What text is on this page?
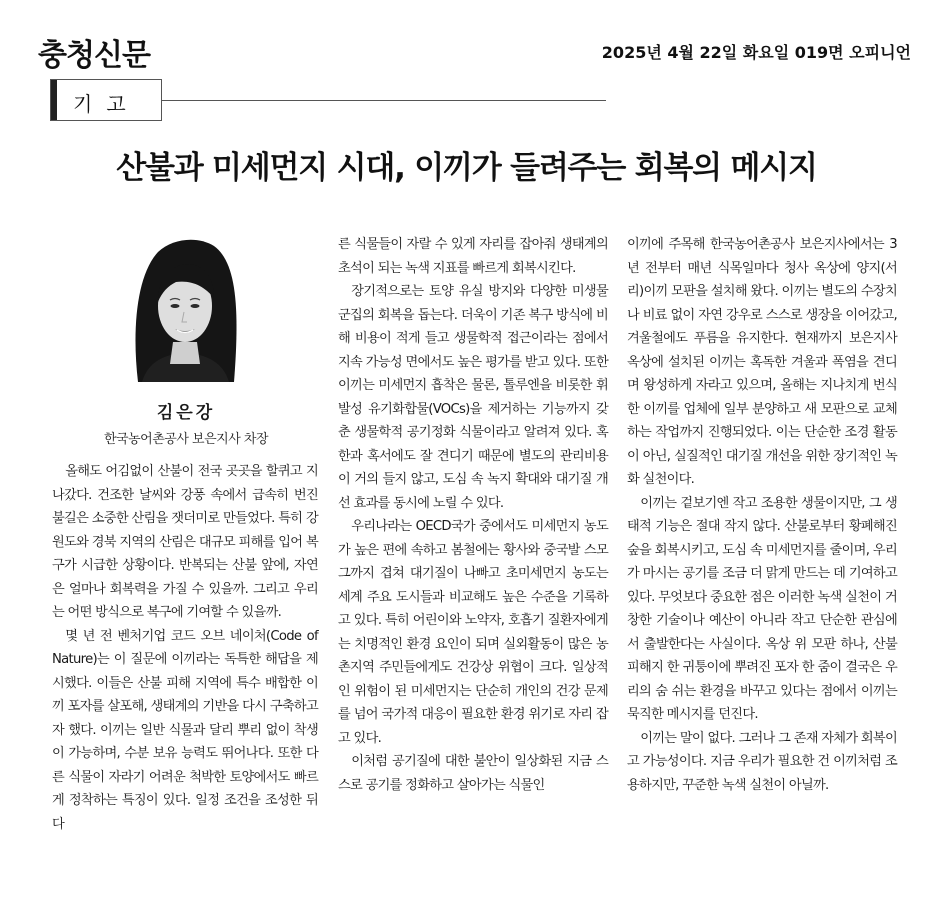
충청신문	2025년 4월 22일 화요일 019면 오피니언
기고
산불과 미세먼지 시대, 이끼가 들려주는 회복의 메시지
김은강
한국농어촌공사 보은지사 차장

올해도 어김없이 산불이 전국 곳곳을 할퀴고 지나갔다. 건조한 날씨와 강풍 속에서 급속히 번진 불길은 소중한 산림을 잿더미로 만들었다. 특히 강원도와 경북 지역의 산림은 대규모 피해를 입어 복구가 시급한 상황이다. 반복되는 산불 앞에, 자연은 얼마나 회복력을 가질 수 있을까. 그리고 우리는 어떤 방식으로 복구에 기여할 수 있을까.

몇 년 전 벤처기업 코드 오브 네이처(Code of Nature)는 이 질문에 이끼라는 독특한 해답을 제시했다. 이들은 산불 피해 지역에 특수 배합한 이끼 포자를 살포해, 생태계의 기반을 다시 구축하고자 했다. 이끼는 일반 식물과 달리 뿌리 없이 착생이 가능하며, 수분 보유 능력도 뛰어나다. 또한 다른 식물이 자라기 어려운 척박한 토양에서도 빠르게 정착하는 특징이 있다. 일정 조건을 조성한 뒤 다

른 식물들이 자랄 수 있게 자리를 잡아줘 생태계의 초석이 되는 녹색 지표를 빠르게 회복시킨다.

장기적으로는 토양 유실 방지와 다양한 미생물 군집의 회복을 돕는다. 더욱이 기존 복구 방식에 비해 비용이 적게 들고 생물학적 접근이라는 점에서 지속 가능성 면에서도 높은 평가를 받고 있다. 또한 이끼는 미세먼지 흡착은 물론, 톨루엔을 비롯한 휘발성 유기화합물(VOCs)을 제거하는 기능까지 갖춘 생물학적 공기정화 식물이라고 알려져 있다. 혹한과 혹서에도 잘 견디기 때문에 별도의 관리비용이 거의 들지 않고, 도심 속 녹지 확대와 대기질 개선 효과를 동시에 노릴 수 있다.

우리나라는 OECD국가 중에서도 미세먼지 농도가 높은 편에 속하고 봄철에는 황사와 중국발 스모그까지 겹쳐 대기질이 나빠고 초미세먼지 농도는 세계 주요 도시들과 비교해도 높은 수준을 기록하고 있다. 특히 어린이와 노약자, 호흡기 질환자에게는 치명적인 환경 요인이 되며 실외활동이 많은 농촌지역 주민들에게도 건강상 위협이 크다. 일상적인 위험이 된 미세먼지는 단순히 개인의 건강 문제를 넘어 국가적 대응이 필요한 환경 위기로 자리 잡고 있다.

이처럼 공기질에 대한 불안이 일상화된 지금 스스로 공기를 정화하고 살아가는 식물인

이끼에 주목해 한국농어촌공사 보은지사에서는 3년 전부터 매년 식목일마다 청사 옥상에 양지(서리)이끼 모판을 설치해 왔다. 이끼는 별도의 수장치나 비료 없이 자연 강우로 스스로 생장을 이어갔고, 겨울철에도 푸름을 유지한다. 현재까지 보은지사 옥상에 설치된 이끼는 혹독한 겨울과 폭염을 견디며 왕성하게 자라고 있으며, 올해는 지나치게 번식한 이끼를 업체에 일부 분양하고 새 모판으로 교체하는 작업까지 진행되었다. 이는 단순한 조경 활동이 아닌, 실질적인 대기질 개선을 위한 장기적인 녹화 실천이다.

이끼는 겉보기엔 작고 조용한 생물이지만, 그 생태적 기능은 절대 작지 않다. 산불로부터 황폐해진 숲을 회복시키고, 도심 속 미세먼지를 줄이며, 우리가 마시는 공기를 조금 더 맑게 만드는 데 기여하고 있다. 무엇보다 중요한 점은 이러한 녹색 실천이 거창한 기술이나 예산이 아니라 작고 단순한 관심에서 출발한다는 사실이다. 옥상 위 모판 하나, 산불 피해지 한 귀퉁이에 뿌려진 포자 한 줌이 결국은 우리의 숨 쉬는 환경을 바꾸고 있다는 점에서 이끼는 묵직한 메시지를 던진다.

이끼는 말이 없다. 그러나 그 존재 자체가 회복이고 가능성이다. 지금 우리가 필요한 건 이끼처럼 조용하지만, 꾸준한 녹색 실천이 아닐까.
